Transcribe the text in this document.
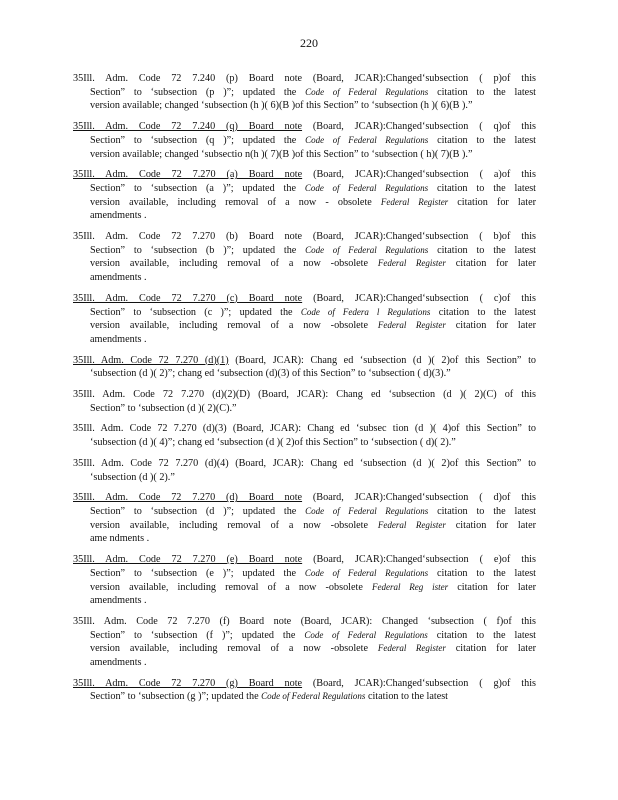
220
35Ill. Adm. Code 72 7.240 (p) Board note (Board, JCAR):Changed‘subsection ( p)of this
Section” to ‘subsection (p )”; updated the Code of Federal Regulations citation to the latest
version available; changed ‘subsection (h )( 6)(B )of this Section” to ‘subsection (h )( 6)(B ).”
35Ill. Adm. Code 72 7.240 (q) Board note (Board, JCAR):Changed‘subsection ( q)of this
Section” to ‘subsection (q )”; updated the Code of Federal Regulations citation to the latest
version available; changed ‘subsectio n(h )( 7)(B )of this Section” to ‘subsection ( h)( 7)(B ).”
35Ill. Adm. Code 72 7.270 (a) Board note (Board, JCAR):Changed‘subsection ( a)of this
Section” to ‘subsection (a )”; updated the Code of Federal Regulations citation to the latest
version available, including removal of a now - obsolete Federal Register citation for later
amendments .
35Ill. Adm. Code 72 7.270 (b) Board note (Board, JCAR):Changed‘subsection ( b)of this
Section” to ‘subsection (b )”; updated the Code of Federal Regulations citation to the latest
version available, including removal of a now -obsolete Federal Register citation for later
amendments .
35Ill. Adm. Code 72 7.270 (c) Board note (Board, JCAR):Changed‘subsection ( c)of this
Section” to ‘subsection (c )”; updated the Code of Federa l Regulations citation to the latest
version available, including removal of a now -obsolete Federal Register citation for later
amendments .
35Ill. Adm. Code 72 7.270 (d)(1) (Board, JCAR): Chang ed ‘subsection (d )( 2)of this Section” to
‘subsection (d )( 2)”; chang ed ‘subsection (d)(3) of this Section” to ‘subsection ( d)(3).”
35Ill. Adm. Code 72 7.270 (d)(2)(D) (Board, JCAR): Chang ed ‘subsection (d )( 2)(C) of this
Section” to ‘subsection (d )( 2)(C).”
35Ill. Adm. Code 72 7.270 (d)(3) (Board, JCAR): Chang ed ‘subsec tion (d )( 4)of this Section” to
‘subsection (d )( 4)”; chang ed ‘subsection (d )( 2)of this Section” to ‘subsection ( d)( 2).”
35Ill. Adm. Code 72 7.270 (d)(4) (Board, JCAR): Chang ed ‘subsection (d )( 2)of this Section” to
‘subsection (d )( 2).”
35Ill. Adm. Code 72 7.270 (d) Board note (Board, JCAR):Changed‘subsection ( d)of this
Section” to ‘subsection (d )”; updated the Code of Federal Regulations citation to the latest
version available, including removal of a now -obsolete Federal Register citation for later
ame ndments .
35Ill. Adm. Code 72 7.270 (e) Board note (Board, JCAR):Changed‘subsection ( e)of this
Section” to ‘subsection (e )”; updated the Code of Federal Regulations citation to the latest
version available, including removal of a now -obsolete Federal Reg ister citation for later
amendments .
35Ill. Adm. Code 72 7.270 (f) Board note (Board, JCAR): Changed ‘subsection ( f)of this
Section” to ‘subsection (f )”; updated the Code of Federal Regulations citation to the latest
version available, including removal of a now -obsolete Federal Register citation for later
amendments .
35Ill. Adm. Code 72 7.270 (g) Board note (Board, JCAR):Changed‘subsection ( g)of this
Section” to ‘subsection (g )”; updated the Code of Federal Regulations citation to the latest
